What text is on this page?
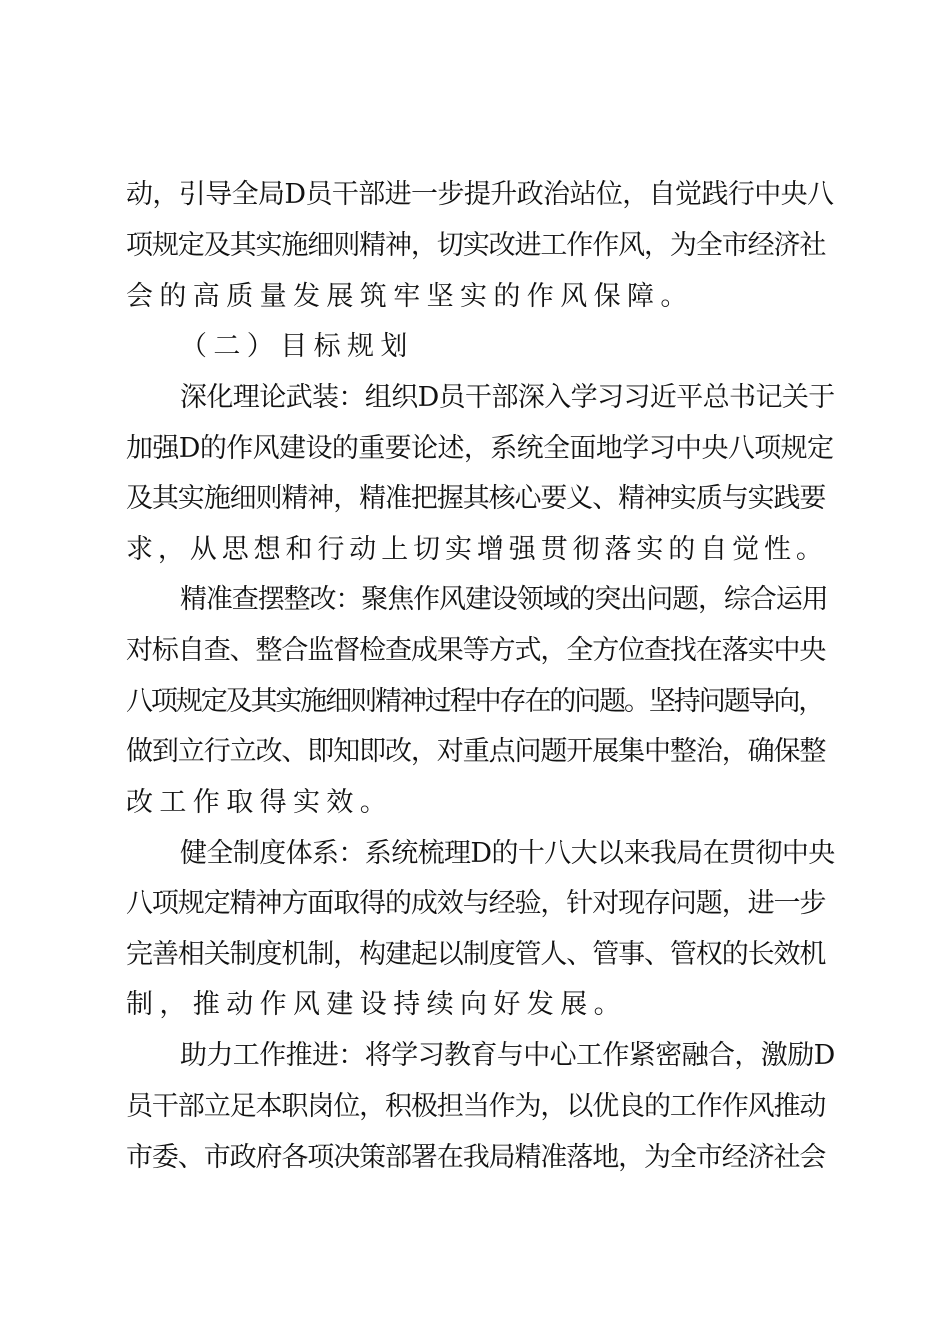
动，引导全局D员干部进一步提升政治站位，自觉践行中央八

项规定及其实施细则精神，切实改进工作作风，为全市经济社

会的高质量发展筑牢坚实的作风保障。

（二）目标规划

深化理论武装：组织D员干部深入学习习近平总书记关于

加强D的作风建设的重要论述，系统全面地学习中央八项规定

及其实施细则精神，精准把握其核心要义、精神实质与实践要

求，从思想和行动上切实增强贯彻落实的自觉性。

精准查摆整改：聚焦作风建设领域的突出问题，综合运用

对标自查、整合监督检查成果等方式，全方位查找在落实中央

八项规定及其实施细则精神过程中存在的问题。坚持问题导向，

做到立行立改、即知即改，对重点问题开展集中整治，确保整

改工作取得实效。

健全制度体系：系统梳理D的十八大以来我局在贯彻中央

八项规定精神方面取得的成效与经验，针对现存问题，进一步

完善相关制度机制，构建起以制度管人、管事、管权的长效机

制，推动作风建设持续向好发展。

助力工作推进：将学习教育与中心工作紧密融合，激励D

员干部立足本职岗位，积极担当作为，以优良的工作作风推动

市委、市政府各项决策部署在我局精准落地，为全市经济社会
